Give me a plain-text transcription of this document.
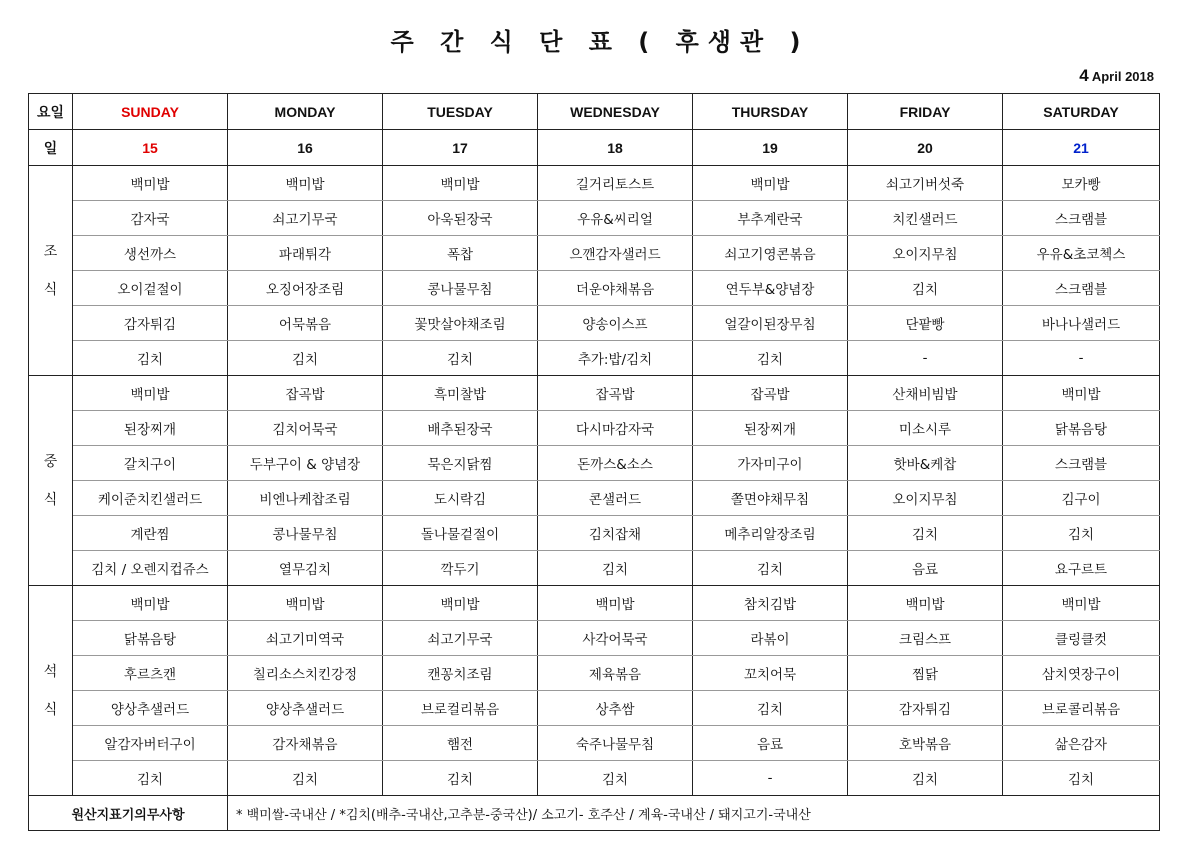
주 간 식 단 표 ( 후생관 )
4 April 2018
요일	SUNDAY	MONDAY	TUESDAY	WEDNESDAY	THURSDAY	FRIDAY	SATURDAY
일	15	16	17	18	19	20	21

조
식	백미밥	백미밥	백미밥	길거리토스트	백미밥	쇠고기버섯죽	모카빵
	감자국	쇠고기무국	아욱된장국	우유&씨리얼	부추계란국	치킨샐러드	스크램블
	생선까스	파래튀각	폭찹	으깬감자샐러드	쇠고기영콘볶음	오이지무침	우유&초코첵스
	오이겉절이	오징어장조림	콩나물무침	더운야채볶음	연두부&양념장	김치	스크램블
	감자튀김	어묵볶음	꽃맛살야채조림	양송이스프	얼갈이된장무침	단팥빵	바나나샐러드
	김치	김치	김치	추가:밥/김치	김치	-	-

중
식	백미밥	잡곡밥	흑미찰밥	잡곡밥	잡곡밥	산채비빔밥	백미밥
	된장찌개	김치어묵국	배추된장국	다시마감자국	된장찌개	미소시루	닭볶음탕
	갈치구이	두부구이 & 양념장	묵은지닭찜	돈까스&소스	가자미구이	핫바&케찹	스크램블
	케이준치킨샐러드	비엔나케찹조림	도시락김	콘샐러드	쫄면야채무침	오이지무침	김구이
	계란찜	콩나물무침	돌나물겉절이	김치잡채	메추리알장조림	김치	김치
	김치 / 오렌지컵쥬스	열무김치	깍두기	김치	김치	음료	요구르트

석
식	백미밥	백미밥	백미밥	백미밥	참치김밥	백미밥	백미밥
	닭볶음탕	쇠고기미역국	쇠고기무국	사각어묵국	라볶이	크림스프	클링클컷
	후르츠캔	칠리소스치킨강정	캔꽁치조림	제육볶음	꼬치어묵	찜닭	삼치엿장구이
	양상추샐러드	양상추샐러드	브로컬리볶음	상추쌈	김치	감자튀김	브로콜리볶음
	알감자버터구이	감자채볶음	햄전	숙주나물무침	음료	호박볶음	삶은감자
	김치	김치	김치	김치	-	김치	김치
원산지표기의무사항		* 백미쌀-국내산 / *김치(배추-국내산,고추분-중국산)/ 소고기- 호주산 / 계육-국내산 / 돼지고기-국내산					
